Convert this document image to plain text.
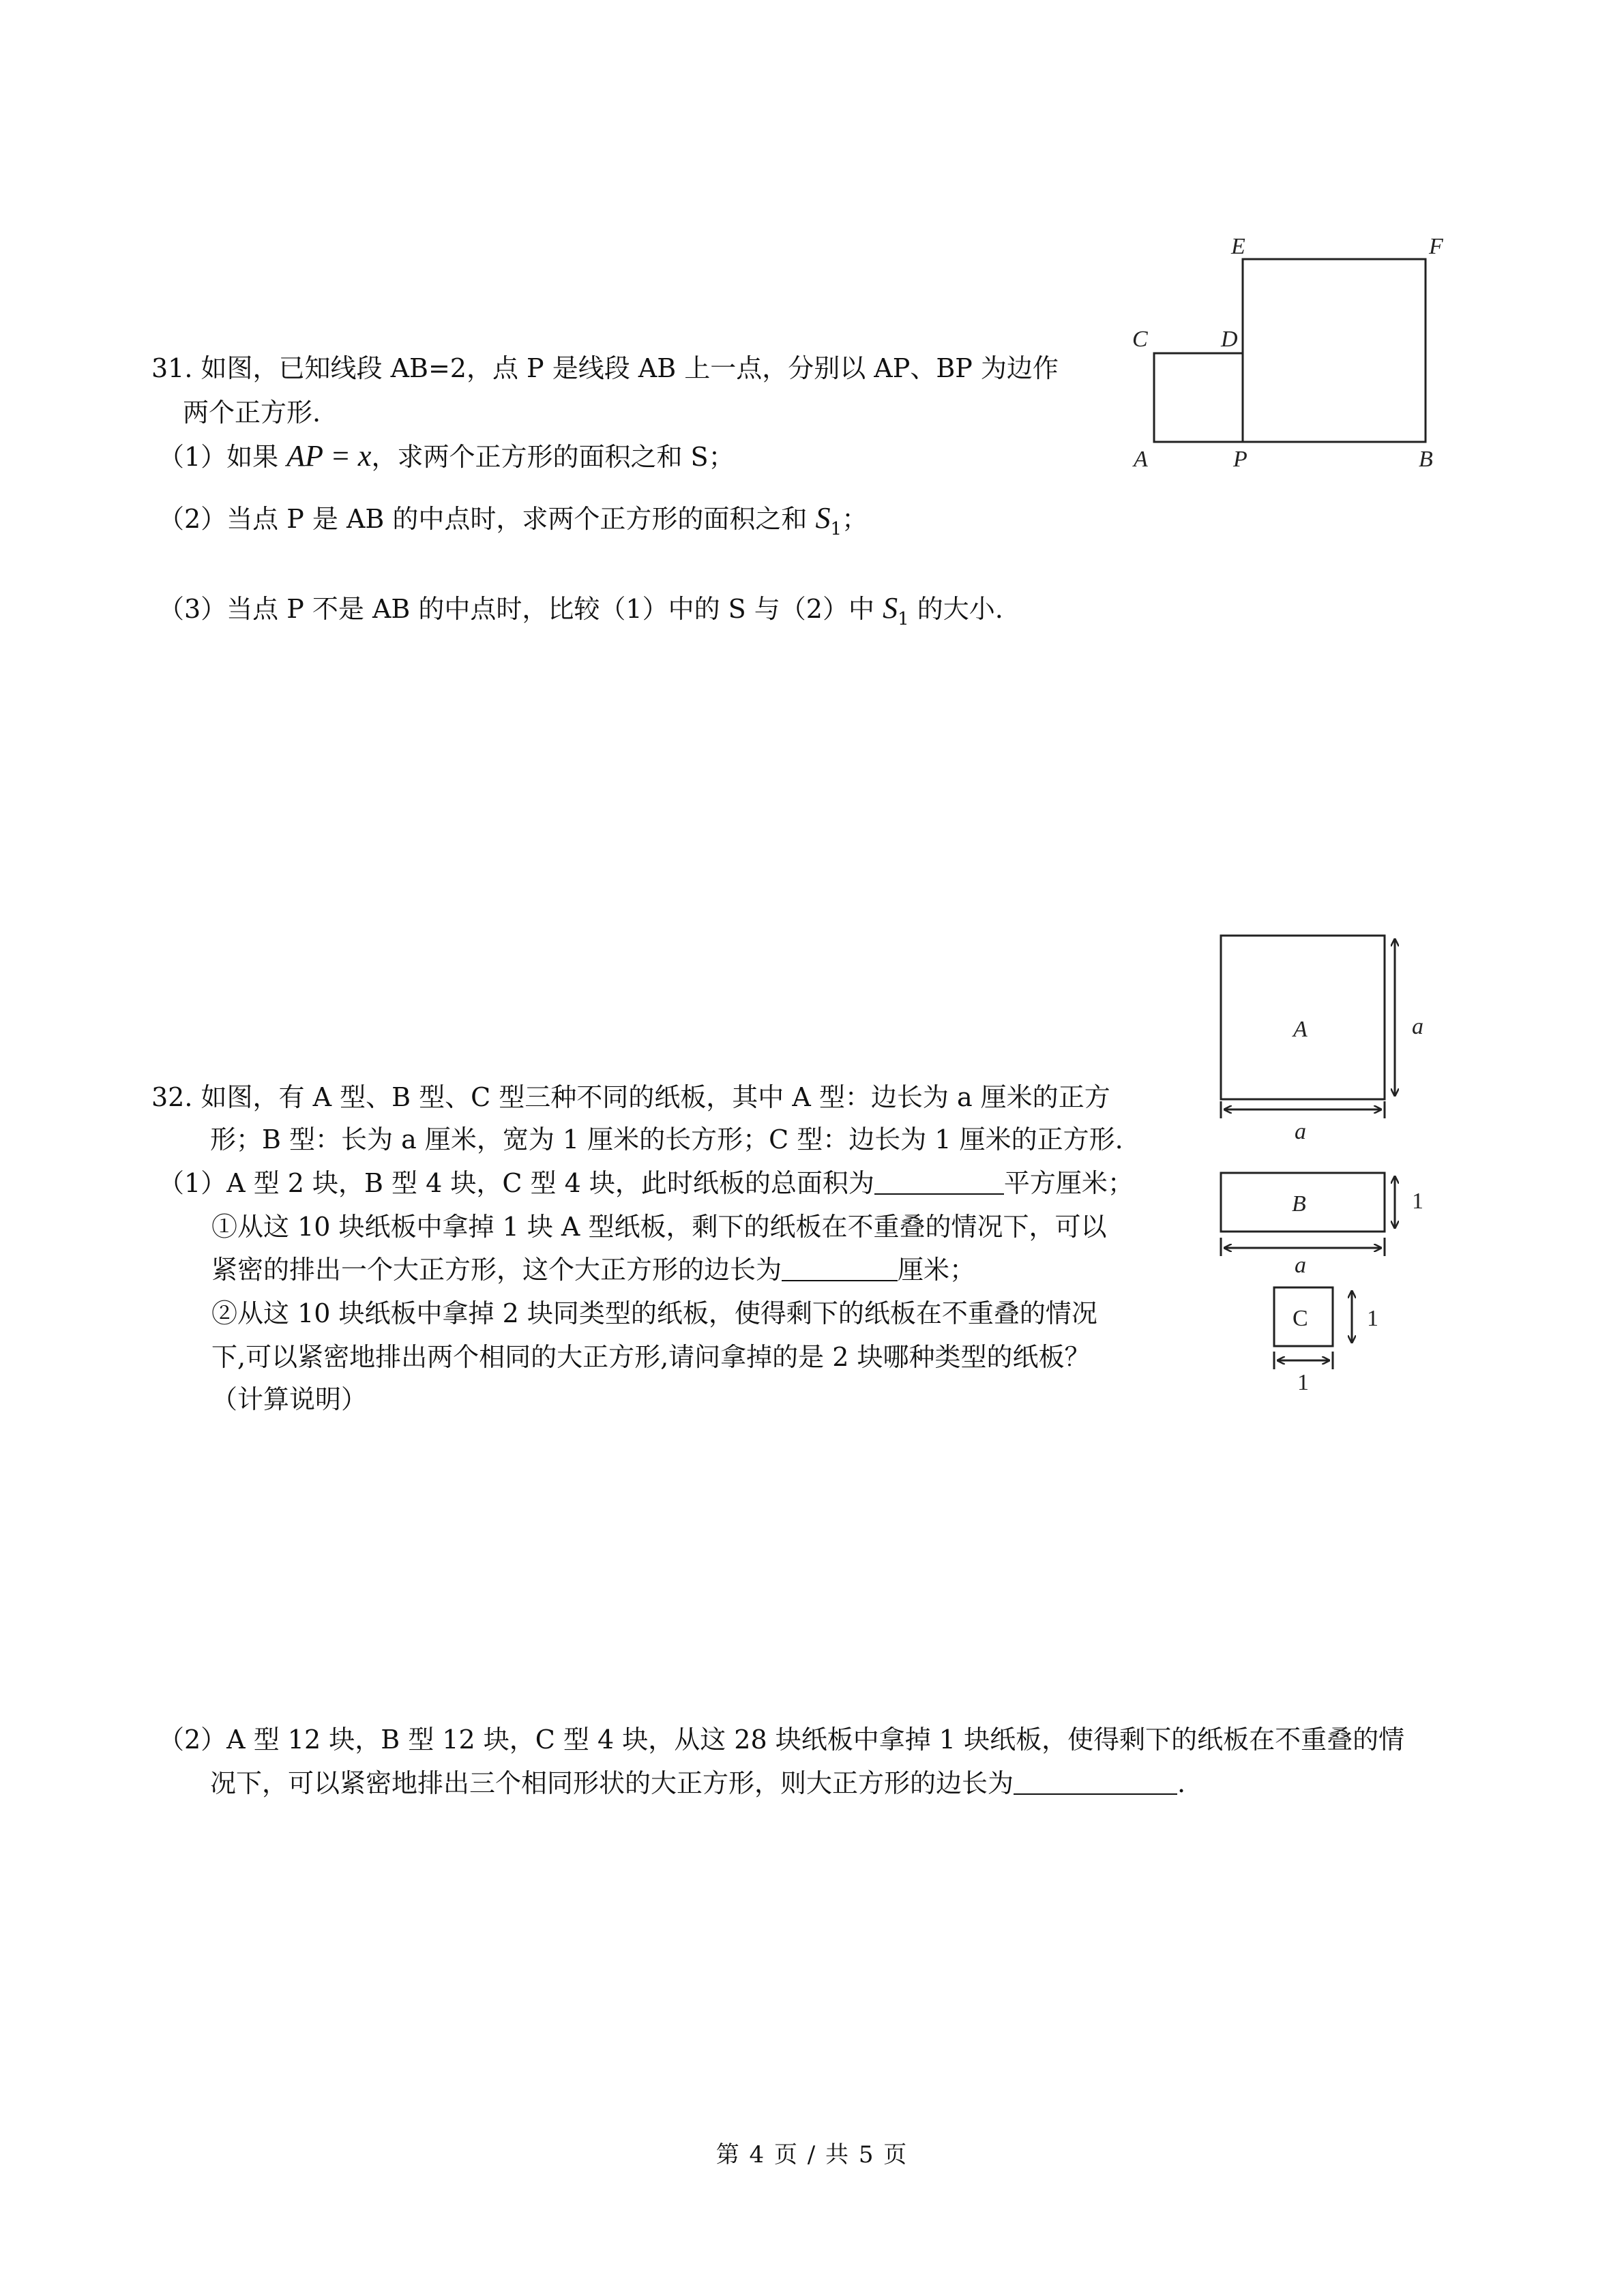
31. 如图，已知线段 AB=2，点 P 是线段 AB 上一点，分别以 AP、BP 为边作
两个正方形.
（1）如果 AP = x，求两个正方形的面积之和 S；
（2）当点 P 是 AB 的中点时，求两个正方形的面积之和 $S_1$；
（3）当点 P 不是 AB 的中点时，比较（1）中的 S 与（2）中 $S_1$ 的大小.
32. 如图，有 A 型、B 型、C 型三种不同的纸板，其中 A 型：边长为 a 厘米的正方
形；B 型：长为 a 厘米，宽为 1 厘米的长方形；C 型：边长为 1 厘米的正方形.
（1）A 型 2 块，B 型 4 块，C 型 4 块，此时纸板的总面积为	平方厘米；
①从这 10 块纸板中拿掉 1 块 A 型纸板，剩下的纸板在不重叠的情况下，可以
紧密的排出一个大正方形，这个大正方形的边长为	厘米；
②从这 10 块纸板中拿掉 2 块同类型的纸板，使得剩下的纸板在不重叠的情况
下,可以紧密地排出两个相同的大正方形,请问拿掉的是 2 块哪种类型的纸板？
（计算说明）
（2）A 型 12 块，B 型 12 块，C 型 4 块，从这 28 块纸板中拿掉 1 块纸板，使得剩下的纸板在不重叠的情
况下，可以紧密地排出三个相同形状的大正方形，则大正方形的边长为	.
E	F
C	D
A	P	B
A	a
a
B	1
a
C	1
1
第 4 页 / 共 5 页
